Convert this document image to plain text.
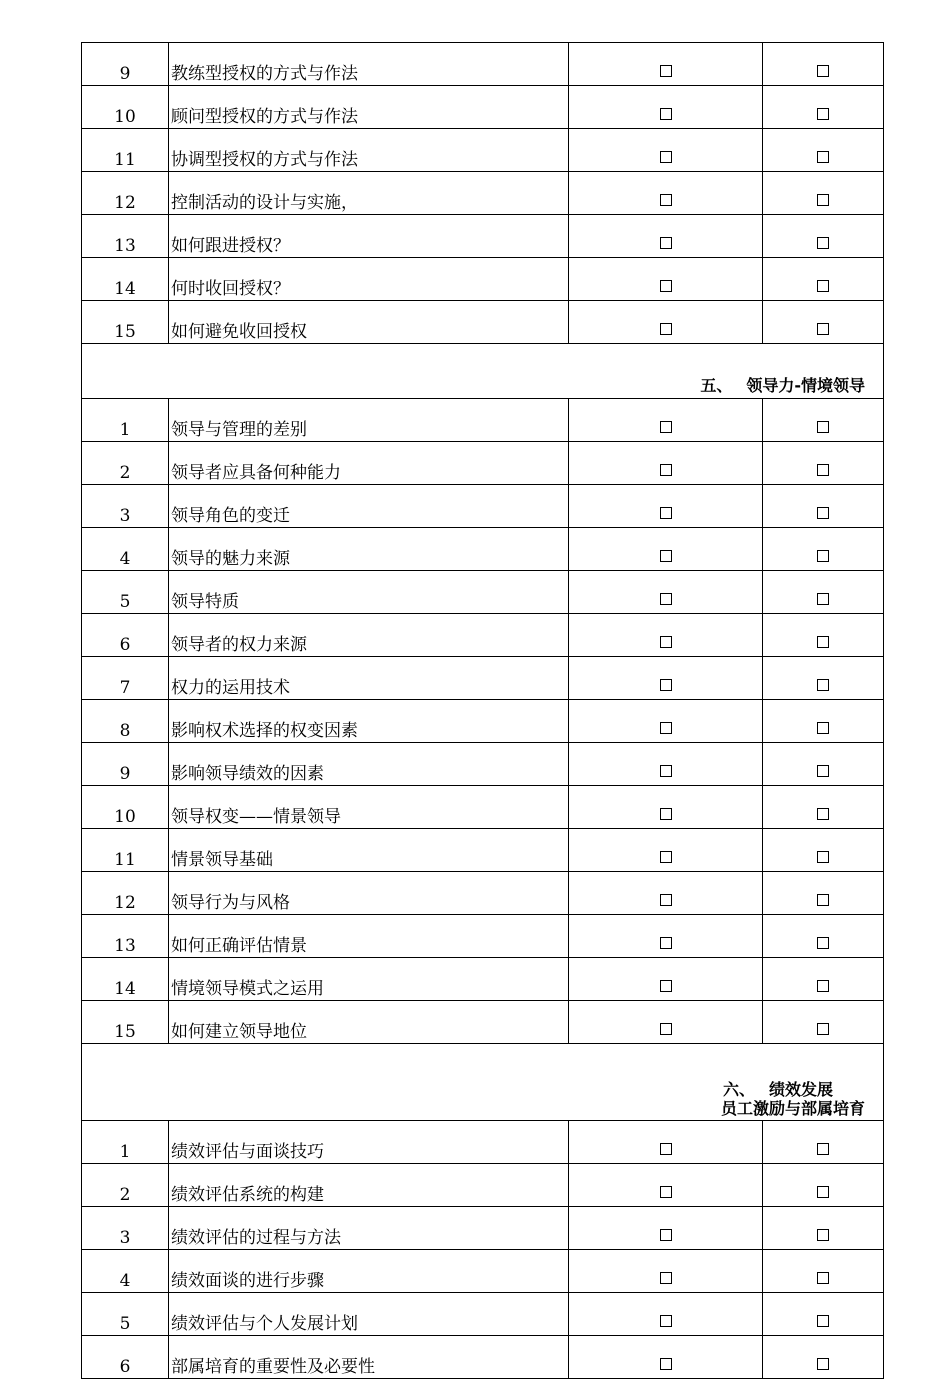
9	教练型授权的方式与作法		
10	顾问型授权的方式与作法		
11	协调型授权的方式与作法		
12	控制活动的设计与实施，		
13	如何跟进授权？		
14	何时收回授权？		
15	如何避免收回授权		
五、 领导力-情境领导			
1	领导与管理的差别		
2	领导者应具备何种能力		
3	领导角色的变迁		
4	领导的魅力来源		
5	领导特质		
6	领导者的权力来源		
7	权力的运用技术		
8	影响权术选择的权变因素		
9	影响领导绩效的因素		
10	领导权变——情景领导		
11	情景领导基础		
12	领导行为与风格		
13	如何正确评估情景		
14	情境领导模式之运用		
15	如何建立领导地位		

六、 绩效发展
员工激励与部属培育			

1	绩效评估与面谈技巧		
2	绩效评估系统的构建		
3	绩效评估的过程与方法		
4	绩效面谈的进行步骤		
5	绩效评估与个人发展计划		
6	部属培育的重要性及必要性		
